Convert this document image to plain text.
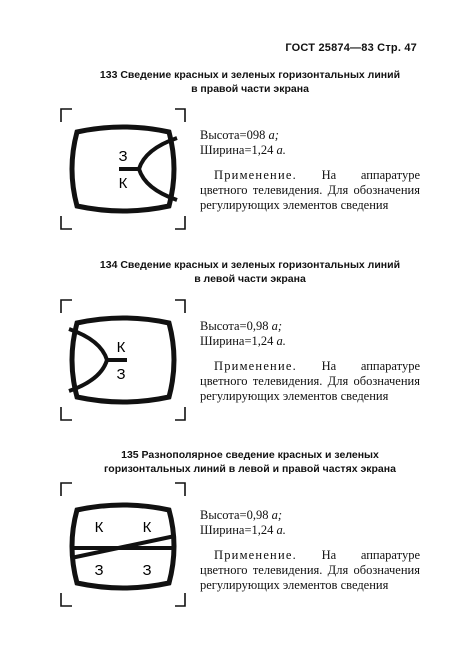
ГОСТ 25874—83 Стр. 47
133 Сведение красных и зеленых горизонтальных линий
в правой части экрана
З
К
Высота=098 a;
Ширина=1,24 a.
Применение. На аппаратуре цветного телевидения. Для обозначения регулирующих элементов сведения
134 Сведение красных и зеленых горизонтальных линий
в левой части экрана
К
З
Высота=0,98 a;
Ширина=1,24 a.
Применение. На аппаратуре цветного телевидения. Для обозначения регулирующих элементов сведения
135 Разнополярное сведение красных и зеленых
горизонтальных линий в левой и правой частях экрана
К	К
З	З
Высота=0,98 a;
Ширина=1,24 a.
Применение. На аппаратуре цветного телевидения. Для обозначения регулирующих элементов сведения
